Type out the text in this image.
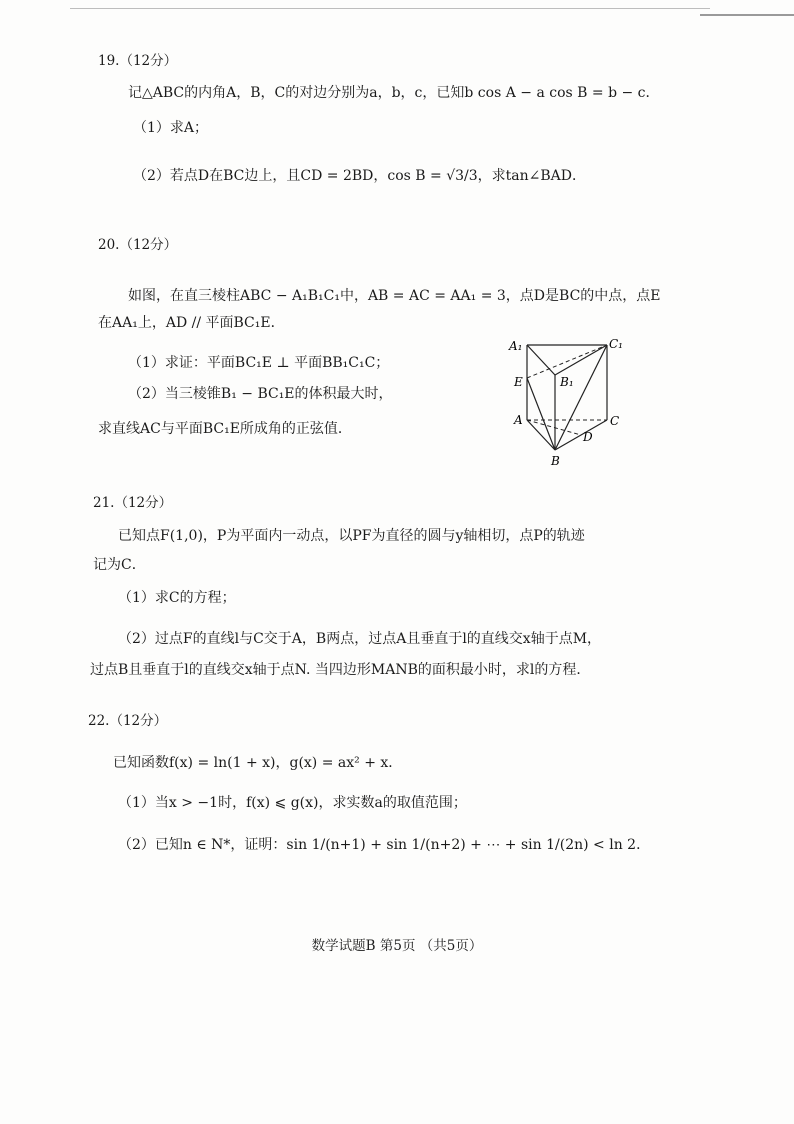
19.（12分）
记△ABC的内角A，B，C的对边分别为a，b，c，已知b cos A − a cos B = b − c．
（1）求A；
（2）若点D在BC边上，且CD = 2BD，cos B = √3/3，求tan∠BAD．
20.（12分）
如图，在直三棱柱ABC − A₁B₁C₁中，AB = AC = AA₁ = 3，点D是BC的中点，点E
在AA₁上，AD // 平面BC₁E．
（1）求证：平面BC₁E ⊥ 平面BB₁C₁C；
（2）当三棱锥B₁ − BC₁E的体积最大时，
求直线AC与平面BC₁E所成角的正弦值．
A₁	C₁
E	B₁
A	C
D
B
21.（12分）
已知点F(1,0)，P为平面内一动点，以PF为直径的圆与y轴相切，点P的轨迹
记为C．
（1）求C的方程；
（2）过点F的直线l与C交于A，B两点，过点A且垂直于l的直线交x轴于点M，
过点B且垂直于l的直线交x轴于点N. 当四边形MANB的面积最小时，求l的方程．
22.（12分）
已知函数f(x) = ln(1 + x)，g(x) = ax² + x．
（1）当x > −1时，f(x) ⩽ g(x)，求实数a的取值范围；
（2）已知n ∈ N*，证明：sin 1/(n+1) + sin 1/(n+2) + ⋯ + sin 1/(2n) < ln 2．
数学试题B 第5页 （共5页）
